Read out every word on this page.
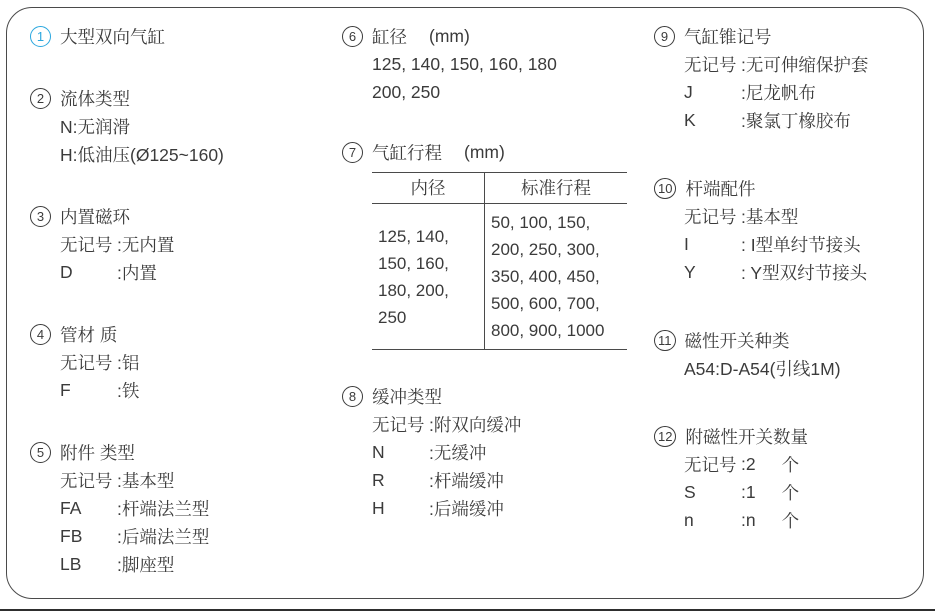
1 大型双向气缸
2 流体类型
N:无润滑
H:低油压(Ø125~160)
3 内置磁环
无记号 :无内置
D	:内置
4 管材 质
无记号 :铝
F	:铁
5 附件 类型
无记号 :基本型
FA	:杆端法兰型
FB	:后端法兰型
LB	:脚座型
6 缸径 (mm)
125, 140, 150, 160, 180
200, 250
7 气缸行程 (mm)
内径	标准行程

125, 140,
150, 160,
180, 200,
250

50, 100, 150,
200, 250, 300,
350, 400, 450,
500, 600, 700,
800, 900, 1000
8 缓冲类型
无记号 :附双向缓冲
N	:无缓冲
R	:杆端缓冲
H	:后端缓冲
9 气缸锥记号
无记号 :无可伸缩保护套
J	:尼龙帆布
K	:聚氯丁橡胶布
10 杆端配件
无记号 :基本型
I	: I型单纣节接头
Y	: Y型双纣节接头
11 磁性开关种类
A54:D-A54(引线1M)
12 附磁性开关数量
无记号 :2 个
S	:1 个
n	:n 个
